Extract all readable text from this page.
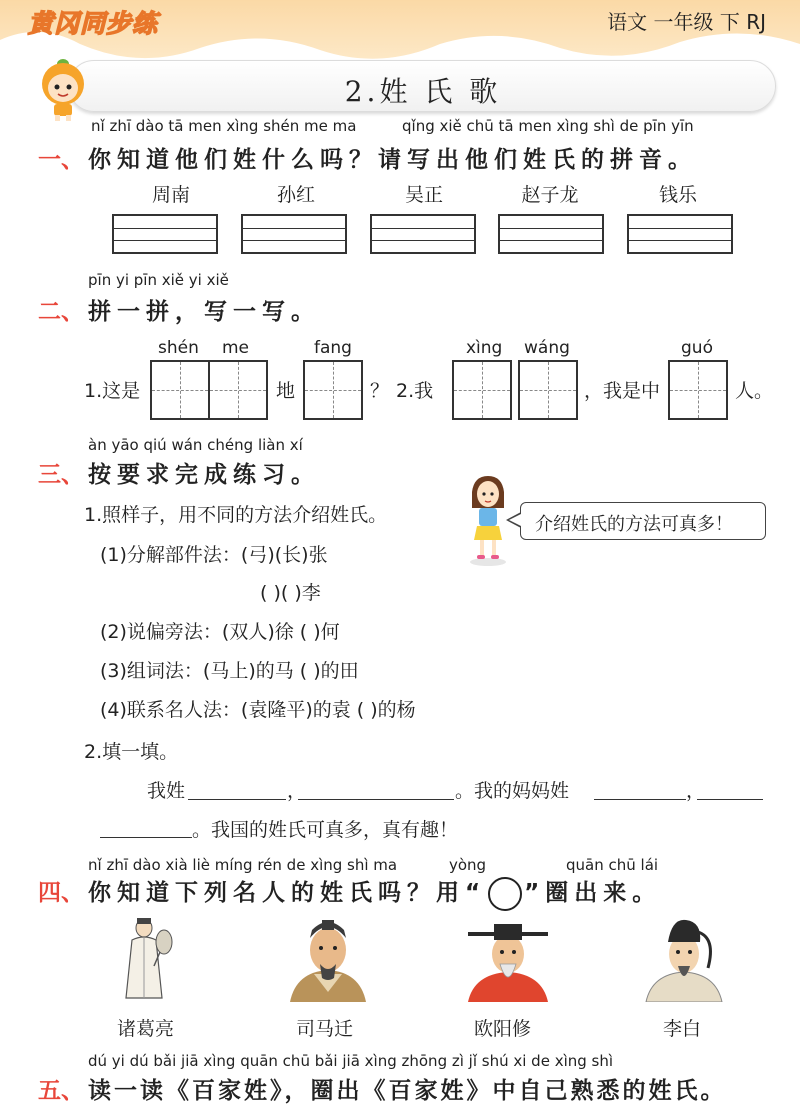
黄冈同步练	语文 一年级 下 RJ
2.姓 氏 歌
nǐ zhī dào tā men xìng shén me ma	qǐng xiě chū tā men xìng shì de pīn yīn
一、 你知道他们姓什么吗？请写出他们姓氏的拼音。
周南	孙红	吴正	赵子龙	钱乐
pīn yi pīn xiě yi xiě
二、 拼一拼，写一写。
shén me	fang	xìng wáng	guó
1.这是	地	？ 2.我	，我是中	人。
àn yāo qiú wán chéng liàn xí
三、 按要求完成练习。
1.照样子，用不同的方法介绍姓氏。	介绍姓氏的方法可真多！
(1)分解部件法：(弓)(长)张
( )( )李
(2)说偏旁法：(双人)徐 ( )何
(3)组词法：(马上)的马 ( )的田
(4)联系名人法：(袁隆平)的袁 ( )的杨
2.填一填。
我姓	，	。我的妈妈姓	，
。我国的姓氏可真多，真有趣！
nǐ zhī dào xià liè míng rén de xìng shì ma	yòng	quān chū lái
四、 你知道下列名人的姓氏吗？用“ ”圈出来。
诸葛亮	司马迁	欧阳修	李白
dú yi dú bǎi jiā xìng quān chū bǎi jiā xìng zhōng zì jǐ shú xi de xìng shì
五、 读一读《百家姓》，圈出《百家姓》中自己熟悉的姓氏。
